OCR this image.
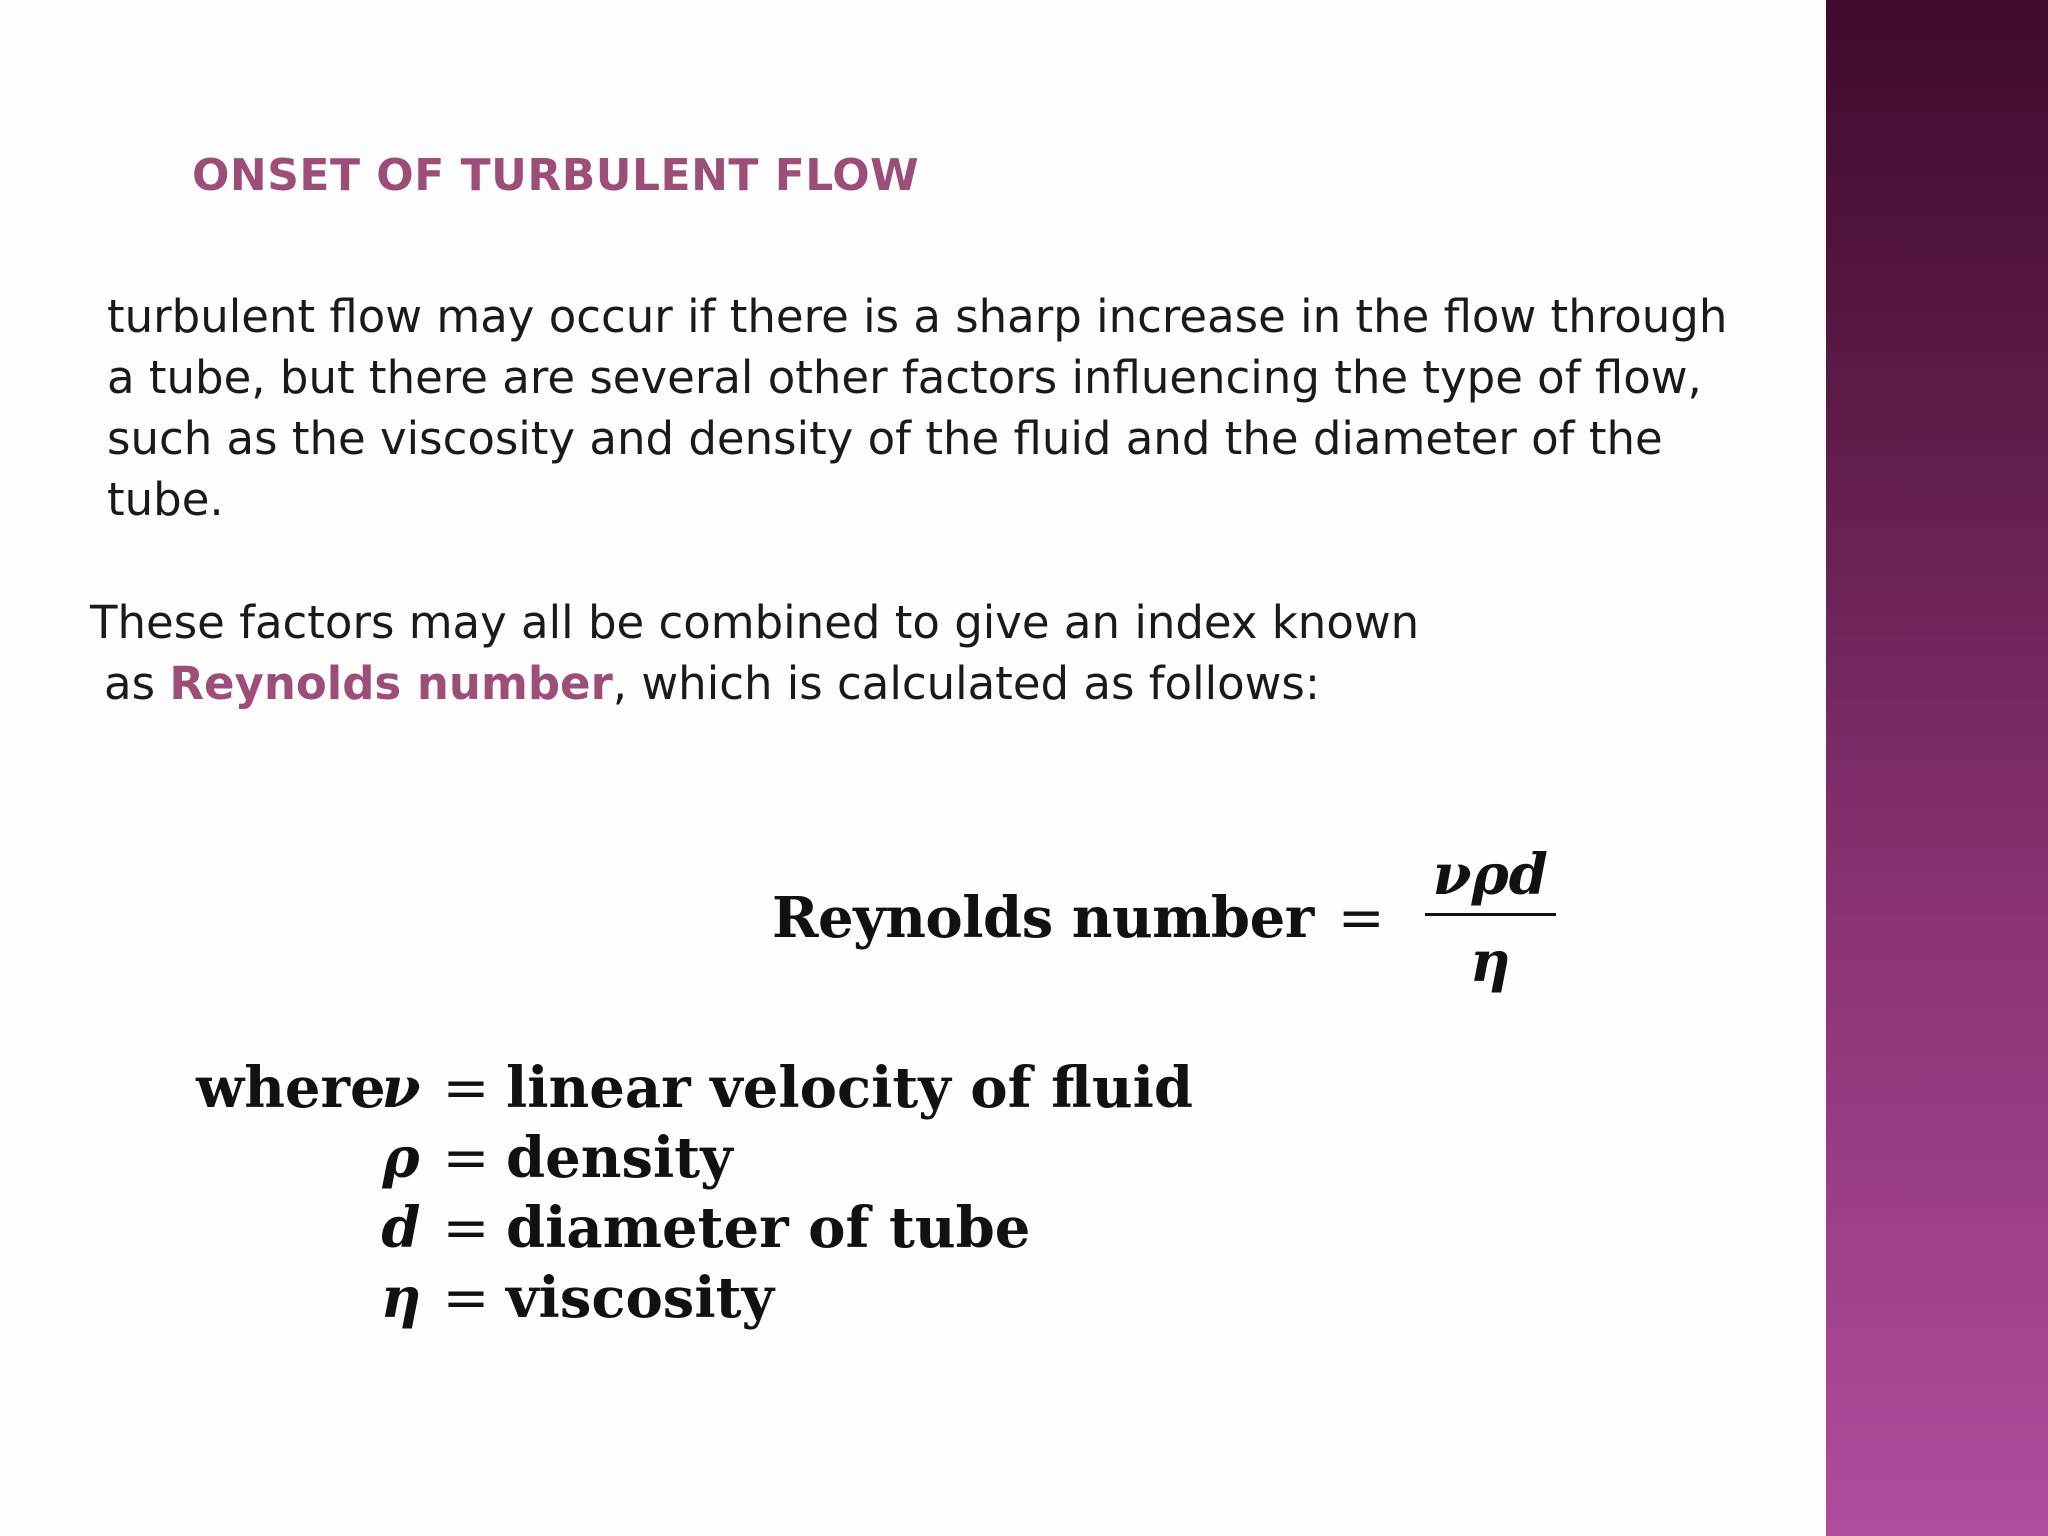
ONSET OF TURBULENT FLOW
turbulent flow may occur if there is a sharp increase in the flow through
a tube, but there are several other factors influencing the type of flow,
such as the viscosity and density of the fluid and the diameter of the
tube.
These factors may all be combined to give an index known
as Reynolds number, which is calculated as follows:
Reynolds number = $\frac{\text{νρd}}{\eta}$
where
ν = linear velocity of fluid
ρ = density
d = diameter of tube
η = viscosity
